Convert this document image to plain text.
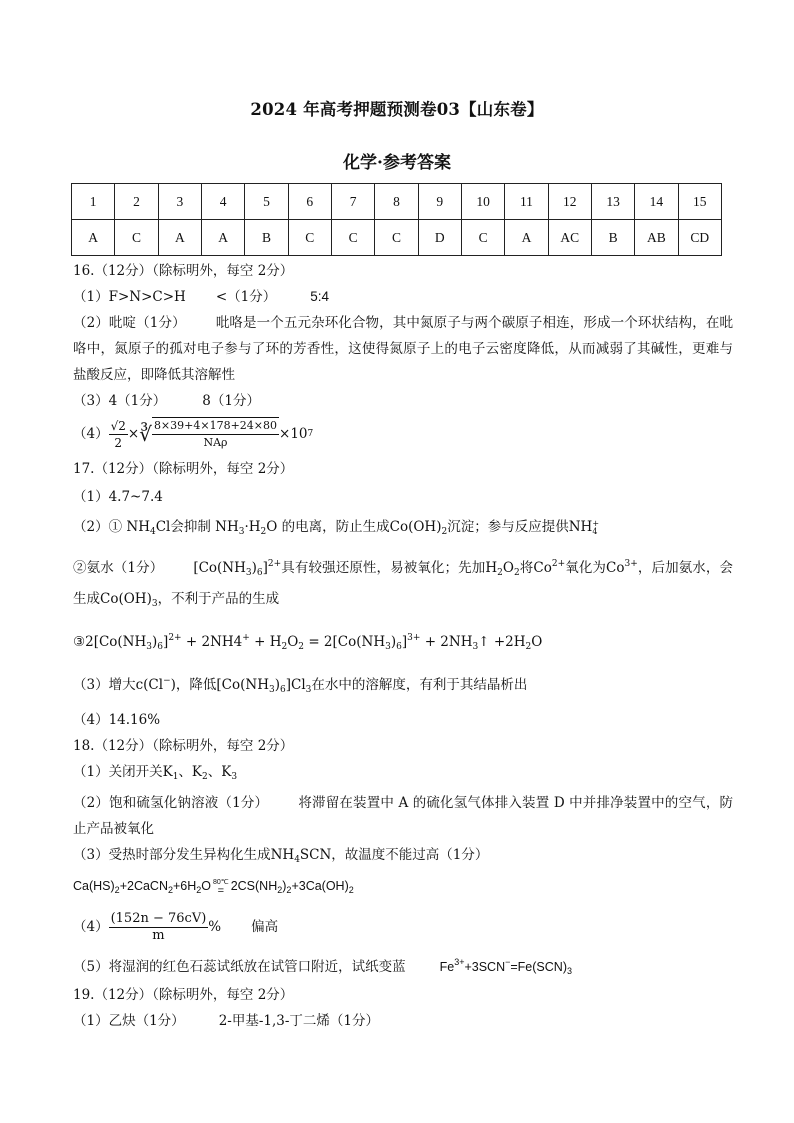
2024 年高考押题预测卷03【山东卷】
化学·参考答案
1	2	3	4	5	6	7	8	9	10	11	12	13	14	15
A	C	A	A	B	C	C	C	D	C	A	AC	B	AB	CD

16.（12分）（除标明外，每空 2分）

（1）F>N>C>H <（1分）	5:4

（2）吡啶（1分） 吡咯是一个五元杂环化合物，其中氮原子与两个碳原子相连，形成一个环状结构，在吡咯中，氮原子的孤对电子参与了环的芳香性，这使得氮原子上的电子云密度降低，从而减弱了其碱性，更难与盐酸反应，即降低其溶解性

（3）4（1分）	8（1分）

$(4) \frac{√2}{2}$ × ∛ $\frac{8\times 39+4\times 178+24\times 80}{\text{NAρ}} \times 10$ 7

17.（12分）（除标明外，每空 2分）

（1）4.7~7.4

（2）① $NH_4Cl$会抑制 $NH_3\cdot H_2O$ 的电离，防止生成$Co(OH)_2$沉淀；参与反应提供NH +
4

②氨水（1分） $[Co(NH_3)_6]^{2+}$具有较强还原性，易被氧化；先加$H_2O_2$将$Co^{2+}$氧化为$Co^{3+}$，后加氨水，会生成$Co(OH)_3$，不利于产品的生成

$③2[Co(NH_3)_6]^{2+} + 2NH4^+ + H_2O_2 = 2[Co(NH_3)_6]^{3+}$ + $2NH_3↑ +2H_2O$

（3）增大c(Cl−)，降低$[Co(NH_3)_6]Cl_3$在水中的溶解度，有利于其结晶析出

（4）14.16%

18.（12分）（除标明外，每空 2分）

（1）关闭开关$K_1$、$K_2$、$K_3$

（2）饱和硫氢化钠溶液（1分） 将滞留在装置中 A 的硫化氢气体排入装置 D 中并排净装置中的空气，防止产品被氧化

（3）受热时部分发生异构化生成$NH_4SCN$，故温度不能过高（1分）

$Ca(HS)_2+2CaCN_2+6H_2O$ 80℃
= $2CS(NH_2)_2+3Ca(OH)_2$

$(4) \frac{(152n - 76cV)}{m}$ % 偏高

（5）将湿润的红色石蕊试纸放在试管口附近，试纸变蓝	$Fe^{3+}+3SCN^-=Fe(SCN)_3$

19.（12分）（除标明外，每空 2分）

（1）乙炔（1分）	2-甲基-1,3-丁二烯（1分）
